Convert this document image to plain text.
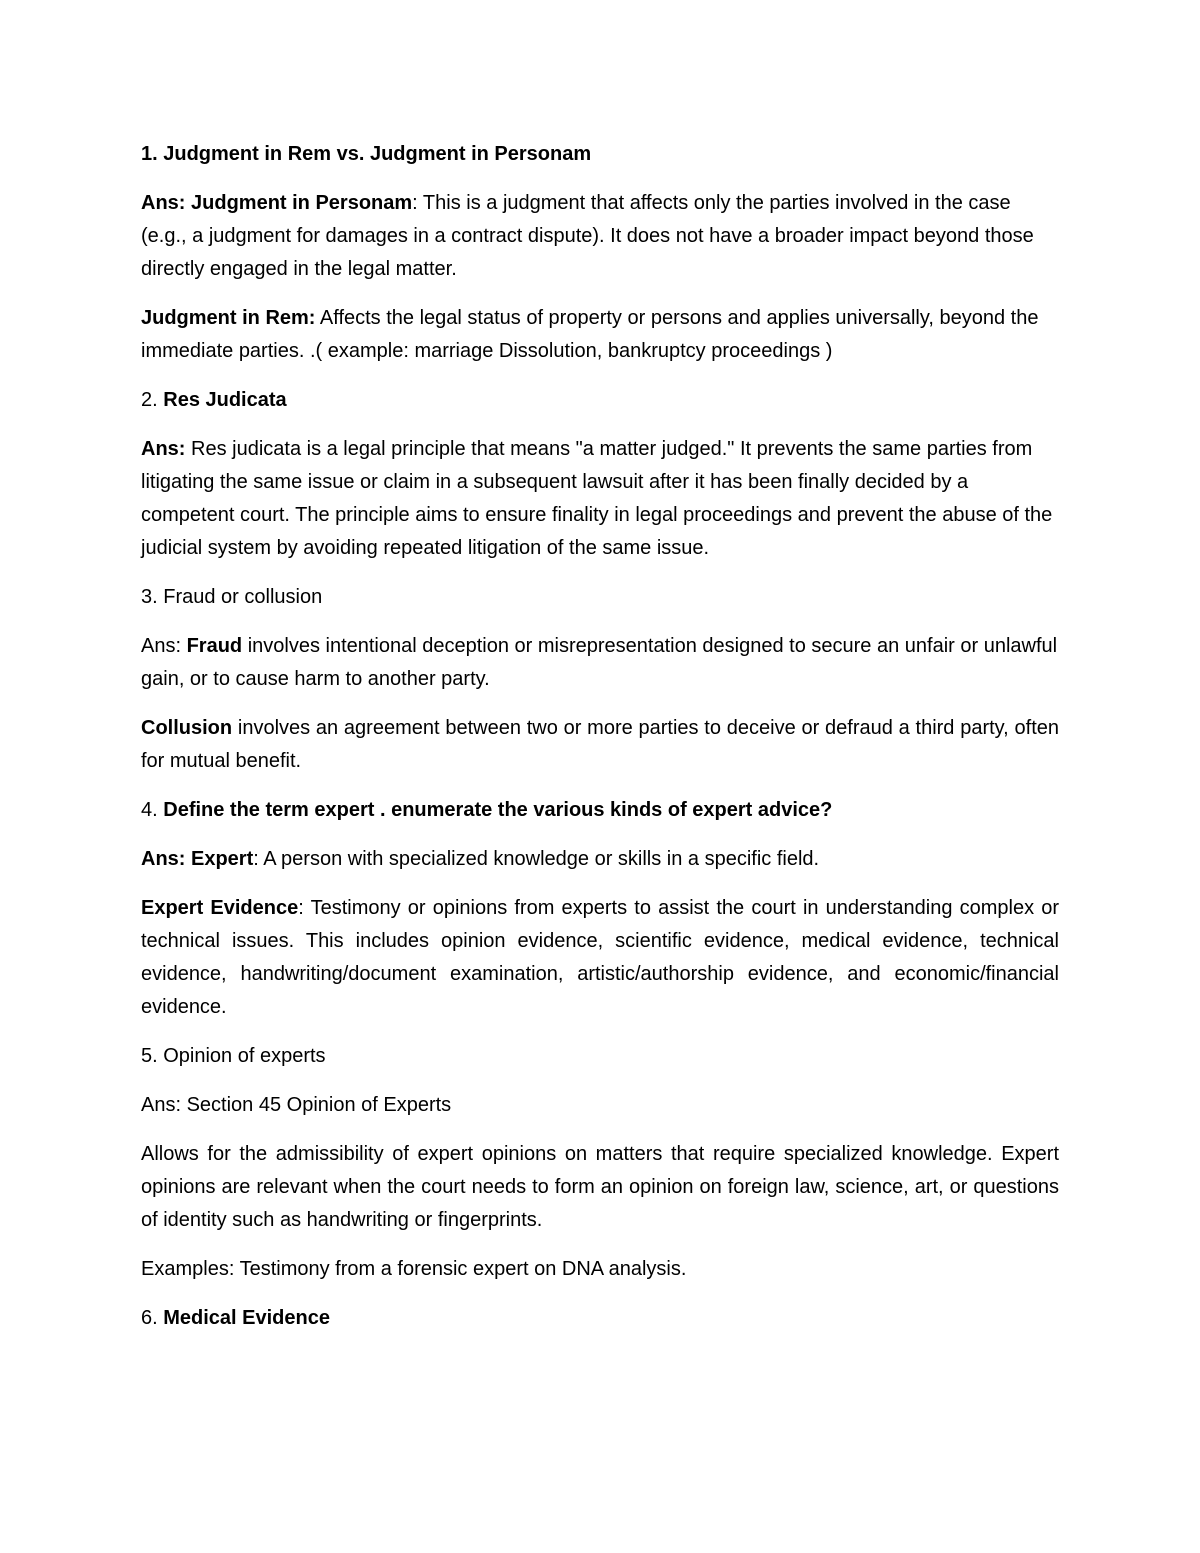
1. Judgment in Rem vs. Judgment in Personam

Ans: Judgment in Personam: This is a judgment that affects only the parties involved in the case (e.g., a judgment for damages in a contract dispute). It does not have a broader impact beyond those directly engaged in the legal matter.

Judgment in Rem: Affects the legal status of property or persons and applies universally, beyond the immediate parties. .( example: marriage Dissolution, bankruptcy proceedings )

2. Res Judicata

Ans: Res judicata is a legal principle that means "a matter judged." It prevents the same parties from litigating the same issue or claim in a subsequent lawsuit after it has been finally decided by a competent court. The principle aims to ensure finality in legal proceedings and prevent the abuse of the judicial system by avoiding repeated litigation of the same issue.

3. Fraud or collusion

Ans: Fraud involves intentional deception or misrepresentation designed to secure an unfair or unlawful gain, or to cause harm to another party.

Collusion involves an agreement between two or more parties to deceive or defraud a third party, often for mutual benefit.

4. Define the term expert . enumerate the various kinds of expert advice?

Ans: Expert: A person with specialized knowledge or skills in a specific field.

Expert Evidence: Testimony or opinions from experts to assist the court in understanding complex or technical issues. This includes opinion evidence, scientific evidence, medical evidence, technical evidence, handwriting/document examination, artistic/authorship evidence, and economic/financial evidence.

5. Opinion of experts

Ans: Section 45 Opinion of Experts

Allows for the admissibility of expert opinions on matters that require specialized knowledge. Expert opinions are relevant when the court needs to form an opinion on foreign law, science, art, or questions of identity such as handwriting or fingerprints.

Examples: Testimony from a forensic expert on DNA analysis.

6. Medical Evidence
